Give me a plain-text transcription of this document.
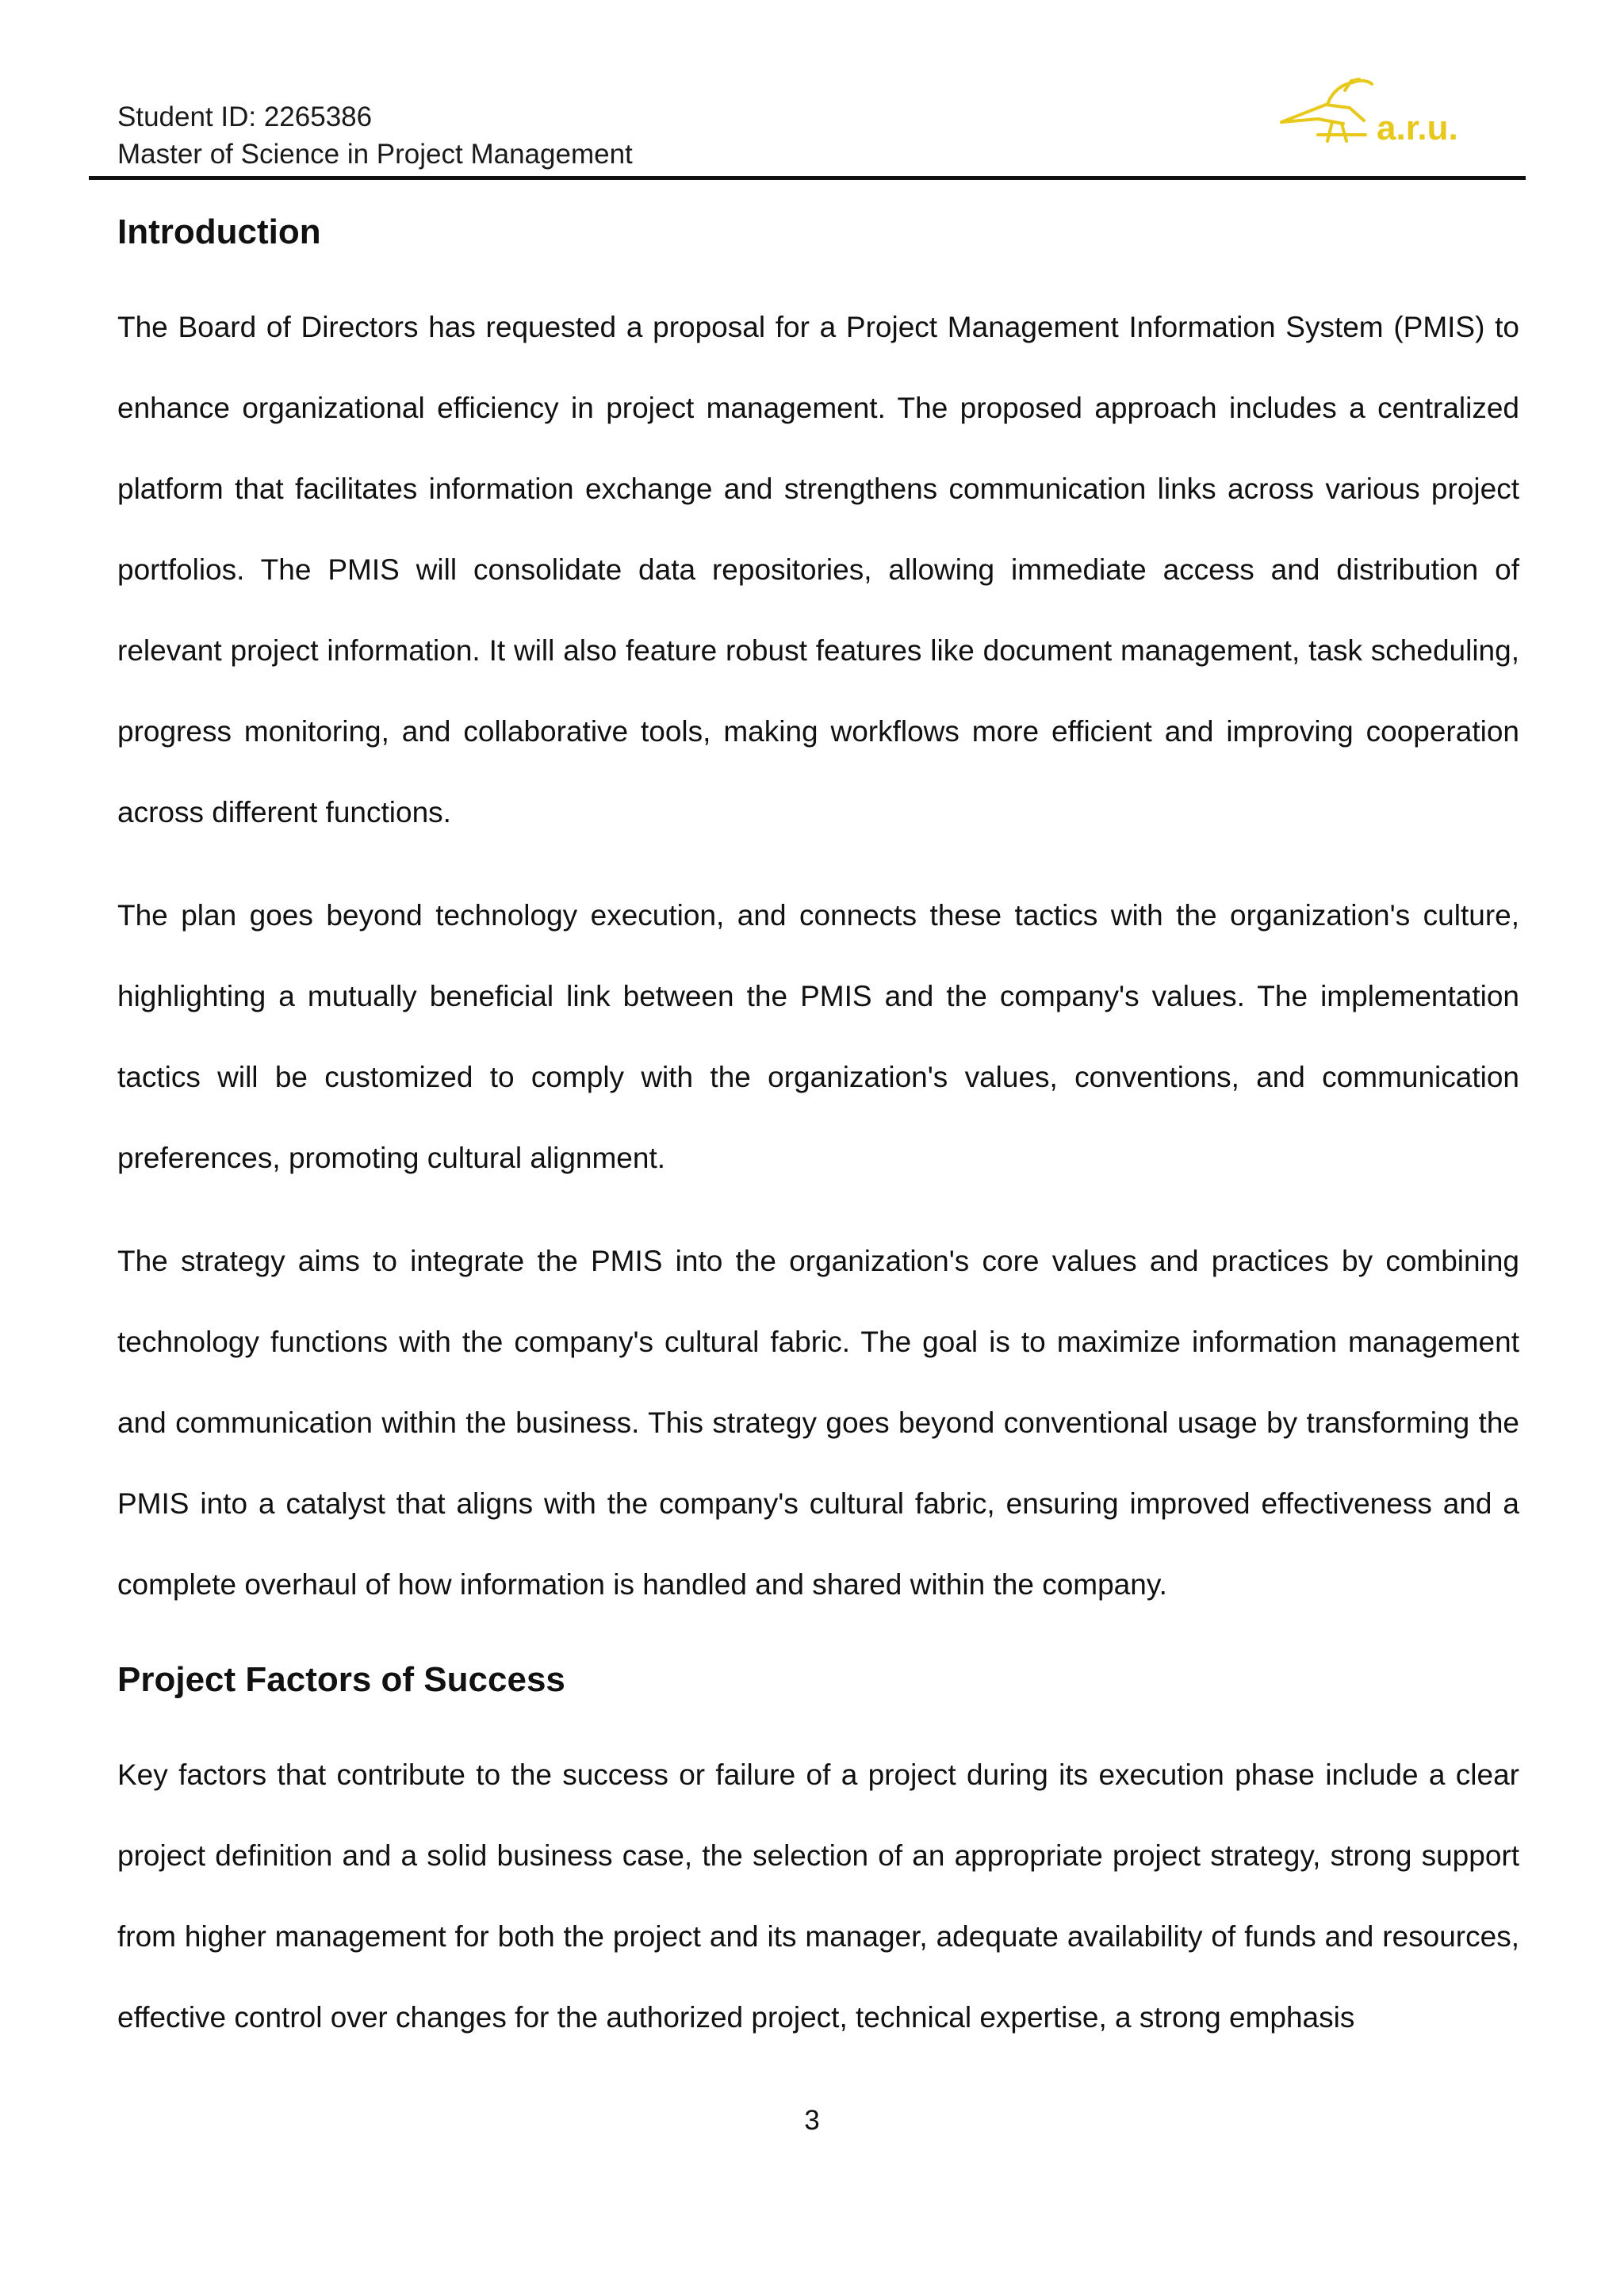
Student ID: 2265386
Master of Science in Project Management
a.r.u.
Introduction

The Board of Directors has requested a proposal for a Project Management Information System (PMIS) to enhance organizational efficiency in project management. The proposed approach includes a centralized platform that facilitates information exchange and strengthens communication links across various project portfolios. The PMIS will consolidate data repositories, allowing immediate access and distribution of relevant project information. It will also feature robust features like document management, task scheduling, progress monitoring, and collaborative tools, making workflows more efficient and improving cooperation across different functions.

The plan goes beyond technology execution, and connects these tactics with the organization's culture, highlighting a mutually beneficial link between the PMIS and the company's values. The implementation tactics will be customized to comply with the organization's values, conventions, and communication preferences, promoting cultural alignment.

The strategy aims to integrate the PMIS into the organization's core values and practices by combining technology functions with the company's cultural fabric. The goal is to maximize information management and communication within the business. This strategy goes beyond conventional usage by transforming the PMIS into a catalyst that aligns with the company's cultural fabric, ensuring improved effectiveness and a complete overhaul of how information is handled and shared within the company.

Project Factors of Success

Key factors that contribute to the success or failure of a project during its execution phase include a clear project definition and a solid business case, the selection of an appropriate project strategy, strong support from higher management for both the project and its manager, adequate availability of funds and resources, effective control over changes for the authorized project, technical expertise, a strong emphasis

3
